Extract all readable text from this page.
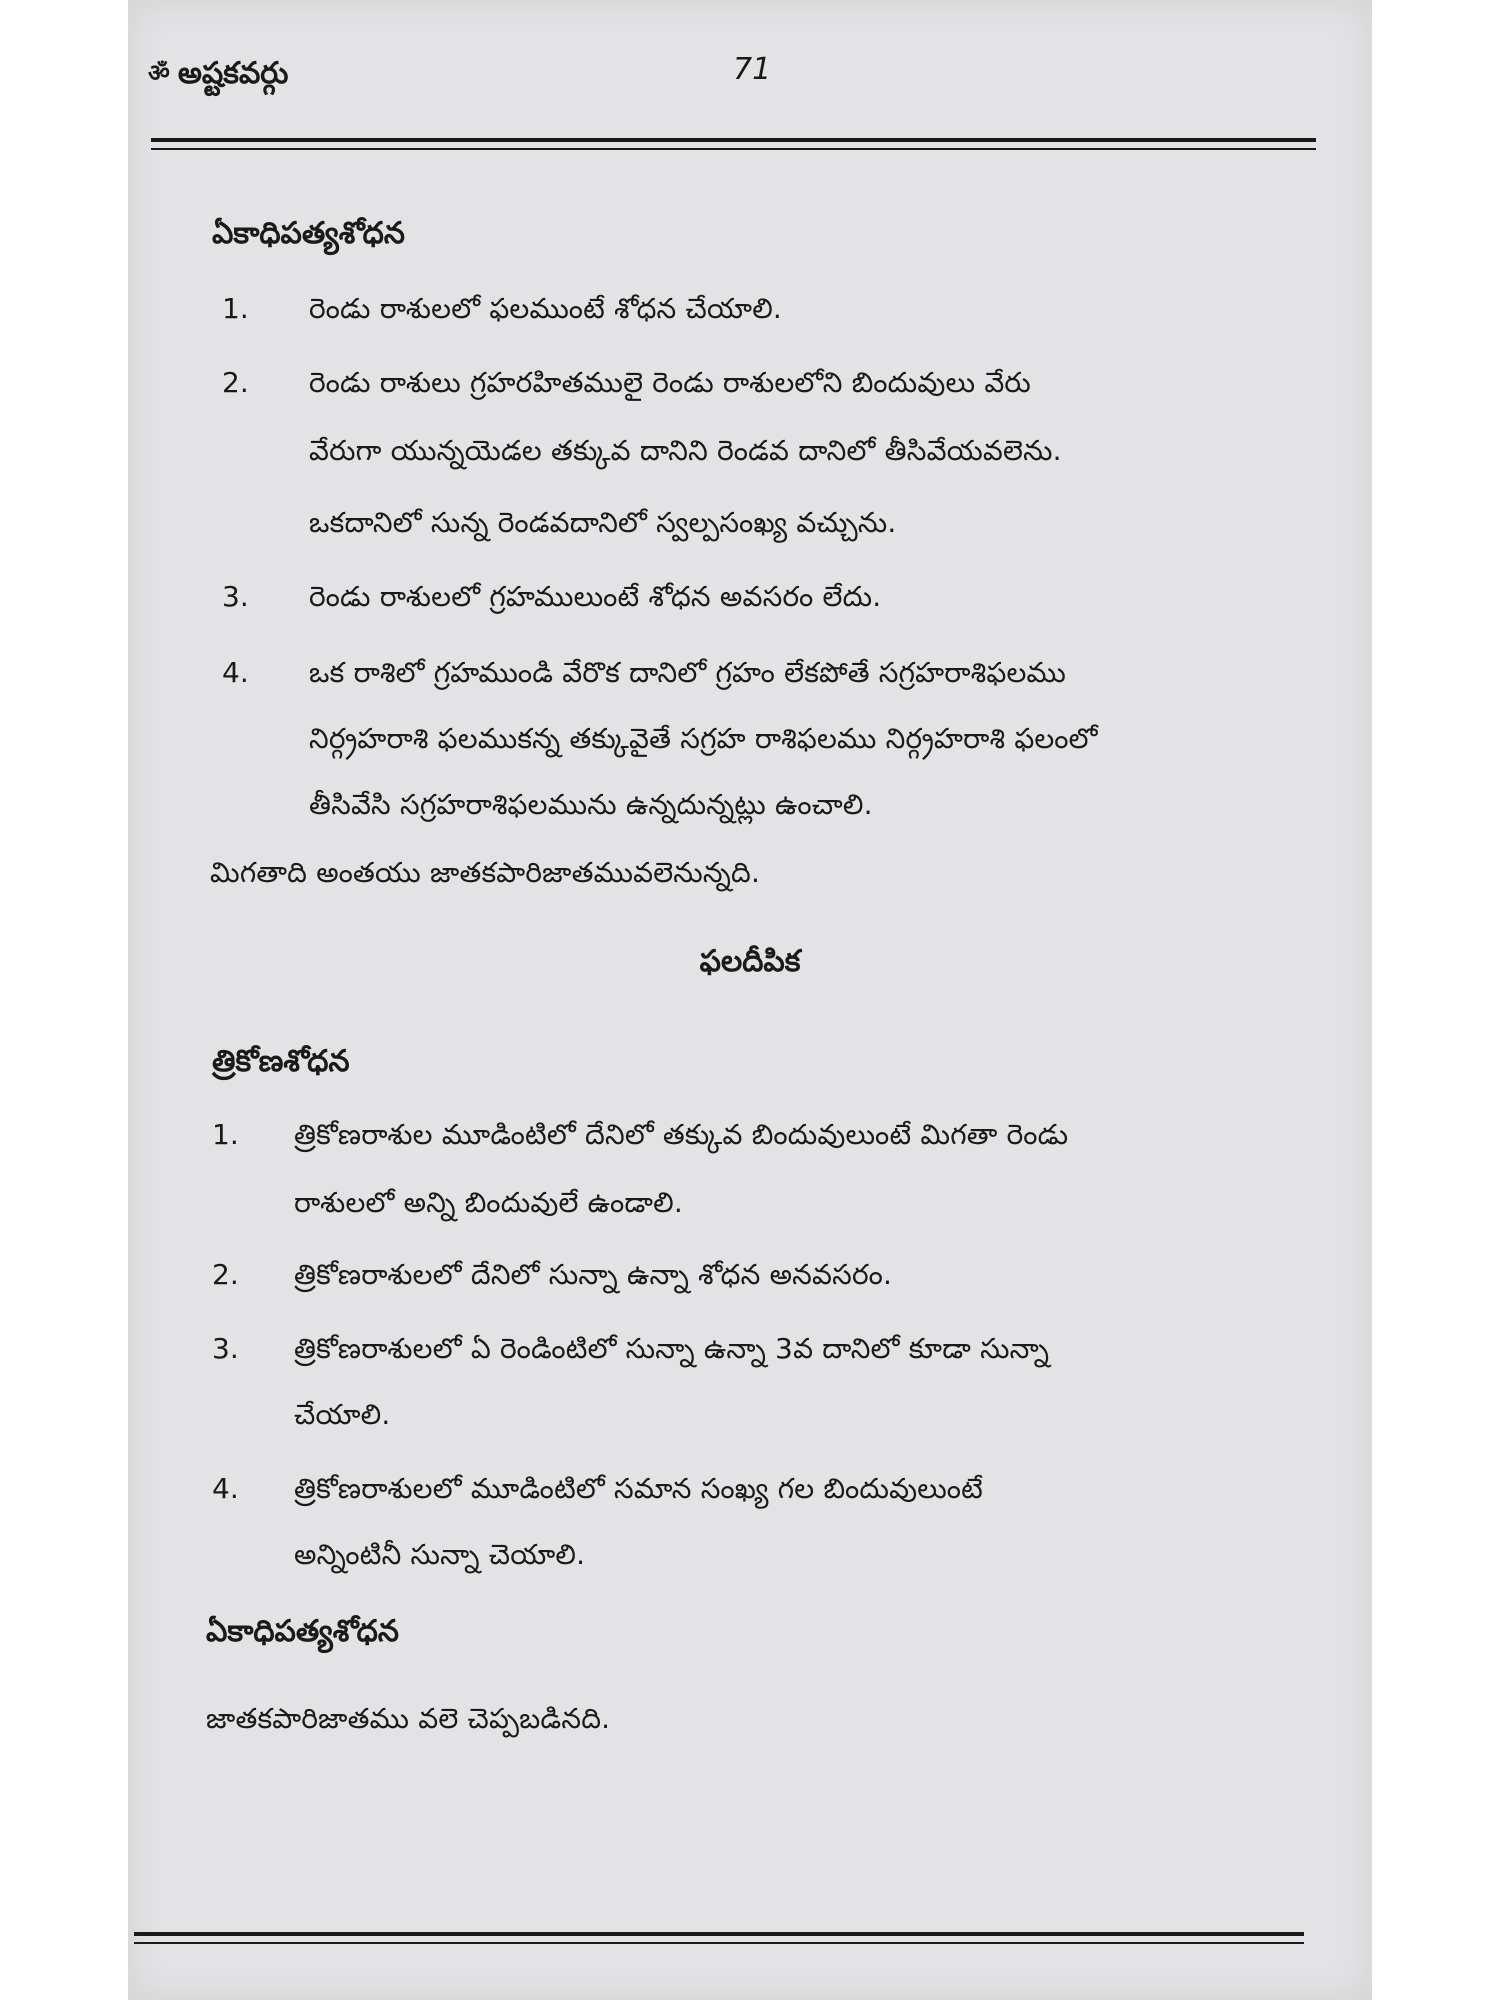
ॐ అష్టకవర్గు	71
ఏకాధిపత్యశోధన
1. రెండు రాశులలో ఫలముంటే శోధన చేయాలి.
2. రెండు రాశులు గ్రహరహితములై రెండు రాశులలోని బిందువులు వేరు
వేరుగా యున్నయెడల తక్కువ దానిని రెండవ దానిలో తీసివేయవలెను.
ఒకదానిలో సున్న రెండవదానిలో స్వల్పసంఖ్య వచ్చును.
3. రెండు రాశులలో గ్రహములుంటే శోధన అవసరం లేదు.
4. ఒక రాశిలో గ్రహముండి వేరొక దానిలో గ్రహం లేకపోతే సగ్రహరాశిఫలము
నిర్గ్రహరాశి ఫలముకన్న తక్కువైతే సగ్రహ రాశిఫలము నిర్గ్రహరాశి ఫలంలో
తీసివేసి సగ్రహరాశిఫలమును ఉన్నదున్నట్లు ఉంచాలి.
మిగతాది అంతయు జాతకపారిజాతమువలెనున్నది.
ఫలదీపిక
త్రికోణశోధన
1. త్రికోణరాశుల మూడింటిలో దేనిలో తక్కువ బిందువులుంటే మిగతా రెండు
రాశులలో అన్ని బిందువులే ఉండాలి.
2. త్రికోణరాశులలో దేనిలో సున్నా ఉన్నా శోధన అనవసరం.
3. త్రికోణరాశులలో ఏ రెండింటిలో సున్నా ఉన్నా 3వ దానిలో కూడా సున్నా
చేయాలి.
4. త్రికోణరాశులలో మూడింటిలో సమాన సంఖ్య గల బిందువులుంటే
అన్నింటినీ సున్నా చెయాలి.
ఏకాధిపత్యశోధన
జాతకపారిజాతము వలె చెప్పబడినది.
